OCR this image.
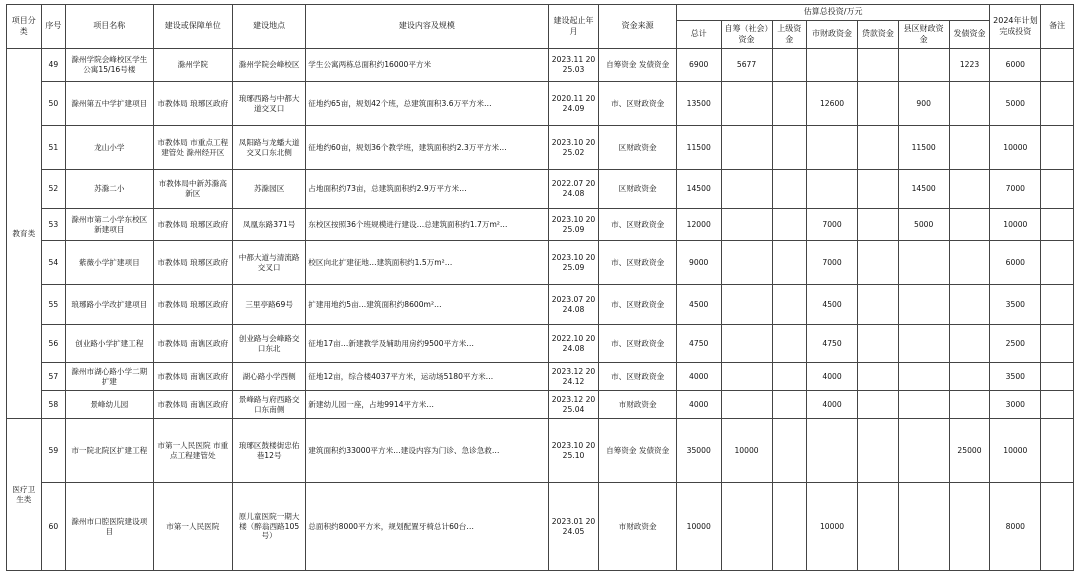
项目分类	序号	项目名称	建设或保障单位	建设地点	建设内容及规模	建设起止年月	资金来源	估算总投资/万元							2024年计划完成投资	备注
								总计	自筹（社会）资金	上级资金	市财政资金	贷款资金	县区财政资金	发债资金		
教育类	49	滁州学院会峰校区学生公寓15/16号楼	滁州学院	滁州学院会峰校区	学生公寓两栋总面积约16000平方米	2023.11 2025.03	自筹资金 发债资金	6900	5677					1223	6000	
	50	滁州第五中学扩建项目	市教体局 琅琊区政府	琅琊西路与中都大道交叉口	征地约65亩，规划42个班，总建筑面积3.6万平方米…	2020.11 2024.09	市、区财政资金	13500			12600		900		5000	
	51	龙山小学	市教体局 市重点工程建管处 滁州经开区	凤阳路与龙蟠大道交叉口东北侧	征地约60亩，规划36个教学班，建筑面积约2.3万平方米…	2023.10 2025.02	区财政资金	11500					11500		10000	
	52	苏滁二小	市教体局中新苏滁高新区	苏滁园区	占地面积约73亩，总建筑面积约2.9万平方米…	2022.07 2024.08	区财政资金	14500					14500		7000	
	53	滁州市第二小学东校区新建项目	市教体局 琅琊区政府	凤凰东路371号	东校区按照36个班规模进行建设…总建筑面积约1.7万m²…	2023.10 2025.09	市、区财政资金	12000			7000		5000		10000	
	54	紫薇小学扩建项目	市教体局 琅琊区政府	中都大道与清流路交叉口	校区向北扩建征地…建筑面积约1.5万m²…	2023.10 2025.09	市、区财政资金	9000			7000				6000	
	55	琅琊路小学改扩建项目	市教体局 琅琊区政府	三里亭路69号	扩建用地约5亩…建筑面积约8600m²…	2023.07 2024.08	市、区财政资金	4500			4500				3500	
	56	创业路小学扩建工程	市教体局 南谯区政府	创业路与会峰路交口东北	征地17亩…新建教学及辅助用房约9500平方米…	2022.10 2024.08	市、区财政资金	4750			4750				2500	
	57	滁州市湖心路小学二期扩建	市教体局 南谯区政府	湖心路小学西侧	征地12亩，综合楼4037平方米，运动场5180平方米…	2023.12 2024.12	市、区财政资金	4000			4000				3500	
	58	景峰幼儿园	市教体局 南谯区政府	景峰路与府西路交口东南侧	新建幼儿园一座，占地9914平方米…	2023.12 2025.04	市财政资金	4000			4000				3000	
医疗卫生类	59	市一院北院区扩建工程	市第一人民医院 市重点工程建管处	琅琊区鼓楼街忠佑巷12号	建筑面积约33000平方米…建设内容为门诊、急诊急救…	2023.10 2025.10	自筹资金 发债资金	35000	10000					25000	10000	
	60	滁州市口腔医院建设项目	市第一人民医院	原儿童医院一期大楼（醉翁西路105号）	总面积约8000平方米，规划配置牙椅总计60台…	2023.01 2024.05	市财政资金	10000			10000				8000	
